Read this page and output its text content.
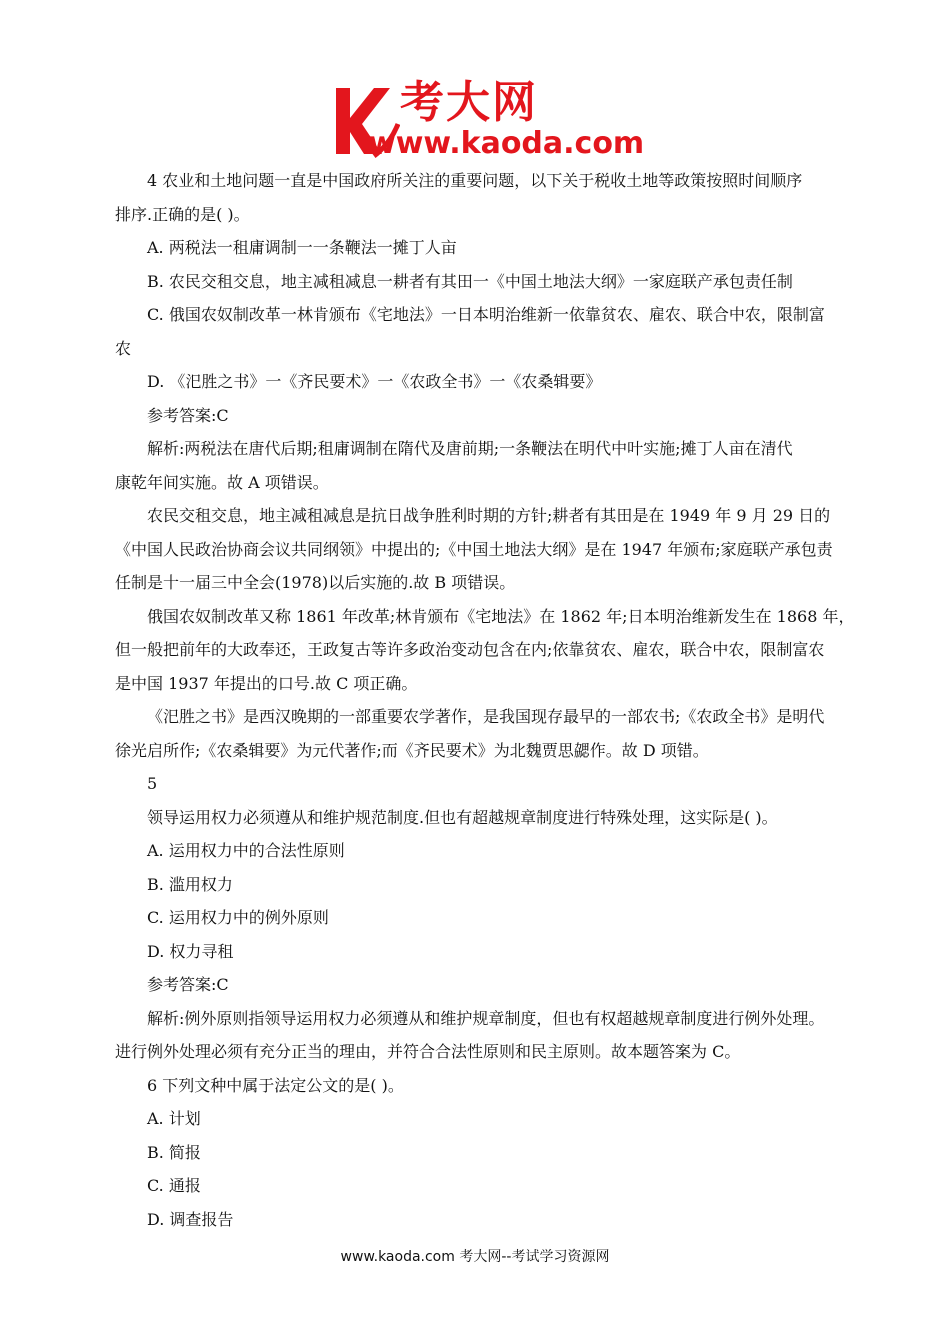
考大网
www.kaoda.com

4 农业和土地问题一直是中国政府所关注的重要问题，以下关于税收土地等政策按照时间顺序

排序.正确的是( )。

A. 两税法一租庸调制一一条鞭法一摊丁人亩

B. 农民交租交息，地主减租减息一耕者有其田一《中国土地法大纲》一家庭联产承包责任制

C. 俄国农奴制改革一林肯颁布《宅地法》一日本明治维新一依靠贫农、雇农、联合中农，限制富

农

D. 《汜胜之书》一《齐民要术》一《农政全书》一《农桑辑要》

参考答案:C

解析:两税法在唐代后期;租庸调制在隋代及唐前期;一条鞭法在明代中叶实施;摊丁人亩在清代

康乾年间实施。故 A 项错误。

农民交租交息，地主减租减息是抗日战争胜利时期的方针;耕者有其田是在 1949 年 9 月 29 日的

《中国人民政治协商会议共同纲领》中提出的;《中国土地法大纲》是在 1947 年颁布;家庭联产承包责

任制是十一届三中全会(1978)以后实施的.故 B 项错误。

俄国农奴制改革又称 1861 年改革;林肯颁布《宅地法》在 1862 年;日本明治维新发生在 1868 年，

但一般把前年的大政奉还，王政复古等许多政治变动包含在内;依靠贫农、雇农，联合中农，限制富农

是中国 1937 年提出的口号.故 C 项正确。

《汜胜之书》是西汉晚期的一部重要农学著作，是我国现存最早的一部农书;《农政全书》是明代

徐光启所作;《农桑辑要》为元代著作;而《齐民要术》为北魏贾思勰作。故 D 项错。

5

领导运用权力必须遵从和维护规范制度.但也有超越规章制度进行特殊处理，这实际是( )。

A. 运用权力中的合法性原则

B. 滥用权力

C. 运用权力中的例外原则

D. 权力寻租

参考答案:C

解析:例外原则指领导运用权力必须遵从和维护规章制度，但也有权超越规章制度进行例外处理。

进行例外处理必须有充分正当的理由，并符合合法性原则和民主原则。故本题答案为 C。

6 下列文种中属于法定公文的是( )。

A. 计划

B. 简报

C. 通报

D. 调查报告

www.kaoda.com 考大网--考试学习资源网
